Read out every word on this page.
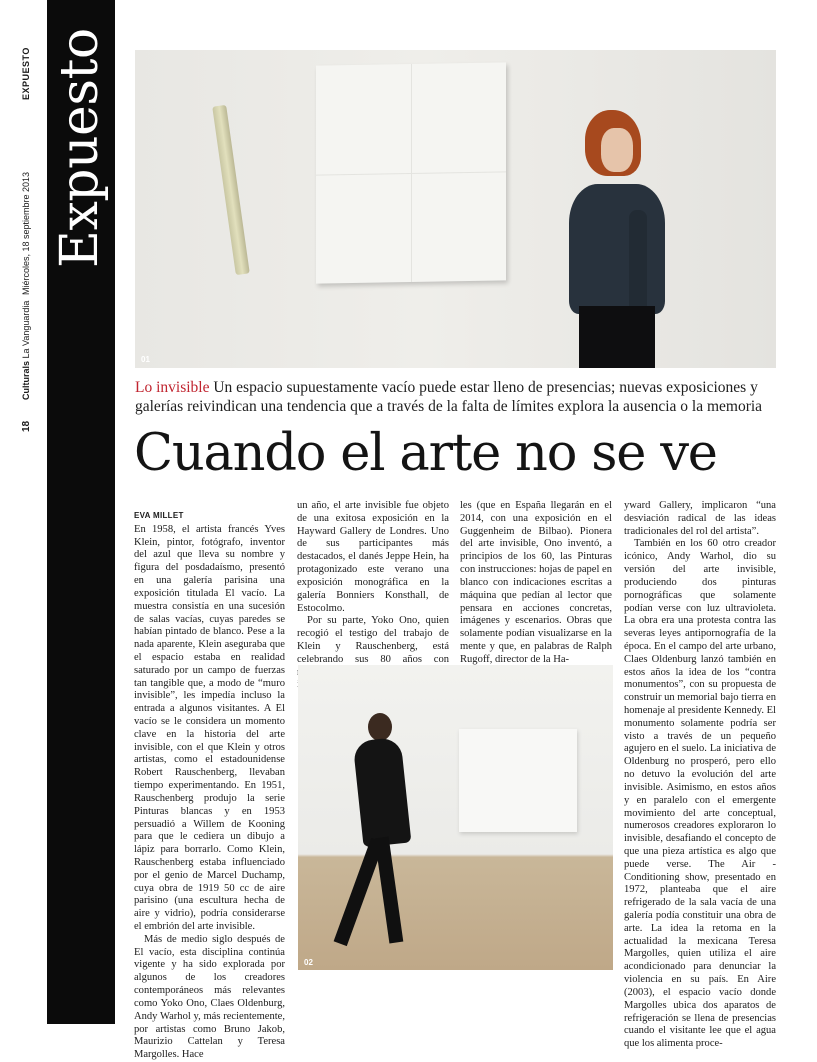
EXPUESTO
Miércoles, 18 septiembre 2013
Culturals La Vanguardia
18
Expuesto
01
Lo invisible Un espacio supuestamente vacío puede estar lleno de presencias; nuevas exposiciones y galerías reivindican una tendencia que a través de la falta de límites explora la ausencia o la memoria
Cuando el arte no se ve
EVA MILLET

En 1958, el artista francés Yves Klein, pintor, fotógrafo, inventor del azul que lleva su nombre y figura del posdadaísmo, presentó en una galería parisina una exposición titulada El vacío. La muestra consistía en una sucesión de salas vacías, cuyas paredes se habían pintado de blanco. Pese a la nada aparente, Klein aseguraba que el espacio estaba en realidad saturado por un campo de fuerzas tan tangible que, a modo de “muro invisible”, les impedía incluso la entrada a algunos visitantes. A El vacío se le considera un momento clave en la historia del arte invisible, con el que Klein y otros artistas, como el estadounidense Robert Rauschenberg, llevaban tiempo experimentando. En 1951, Rauschenberg produjo la serie Pinturas blancas y en 1953 persuadió a Willem de Kooning para que le cediera un dibujo a lápiz para borrarlo. Como Klein, Rauschenberg estaba influenciado por el genio de Marcel Duchamp, cuya obra de 1919 50 cc de aire parisino (una escultura hecha de aire y vidrio), podría considerarse el embrión del arte invisible.

Más de medio siglo después de El vacío, esta disciplina continúa vigente y ha sido explorada por algunos de los creadores contemporáneos más relevantes como Yoko Ono, Claes Oldenburg, Andy Warhol y, más recientemente, por artistas como Bruno Jakob, Maurizio Cattelan y Teresa Margolles. Hace

un año, el arte invisible fue objeto de una exitosa exposición en la Hayward Gallery de Londres. Uno de sus participantes más destacados, el danés Jeppe Hein, ha protagonizado este verano una exposición monográfica en la galería Bonniers Konsthall, de Estocolmo.

Por su parte, Yoko Ono, quien recogió el testigo del trabajo de Klein y Rauschenberg, está celebrando sus 80 años con

les (que en España llegarán en el 2014, con una exposición en el Guggenheim de Bilbao). Pionera del arte invisible, Ono inventó, a principios de los 60, las Pinturas con instrucciones: hojas de papel en blanco con indicaciones escritas a máquina que pedían al lector que pensara en acciones concretas, imágenes y escenarios. Obras que solamente podían visualizarse en la mente y que, en palabras de Ralph Rugoff, director de la Ha-

yward Gallery, implicaron “una desviación radical de las ideas tradicionales del rol del artista”.

También en los 60 otro creador icónico, Andy Warhol, dio su versión del arte invisible, produciendo dos pinturas pornográficas que solamente podían verse con luz ultravioleta. La obra era una protesta contra las severas leyes antipornografía de la época. En el campo del arte urbano, Claes Oldenburg lanzó también en estos años la idea de los “contra monumentos”, con su propuesta de construir un memorial bajo tierra en homenaje al presidente Kennedy. El monumento solamente podría ser visto a través de un pequeño agujero en el suelo. La iniciativa de Oldenburg no prosperó, pero ello no detuvo la evolución del arte invisible. Asimismo, en estos años y en paralelo con el emergente movimiento del arte conceptual, numerosos creadores exploraron lo invisible, desafiando el concepto de que una pieza artística es algo que puede verse. The Air - Conditioning show, presentado en 1972, planteaba que el aire refrigerado de la sala vacía de una galería podía constituir una obra de arte. La idea la retoma en la actualidad la mexicana Teresa Margolles, quien utiliza el aire acondicionado para denunciar la violencia en su país. En Aire (2003), el espacio vacío donde Margolles ubica dos aparatos de refrigeración se llena de presencias cuando el visitante lee que el agua que los alimenta proce-

02
